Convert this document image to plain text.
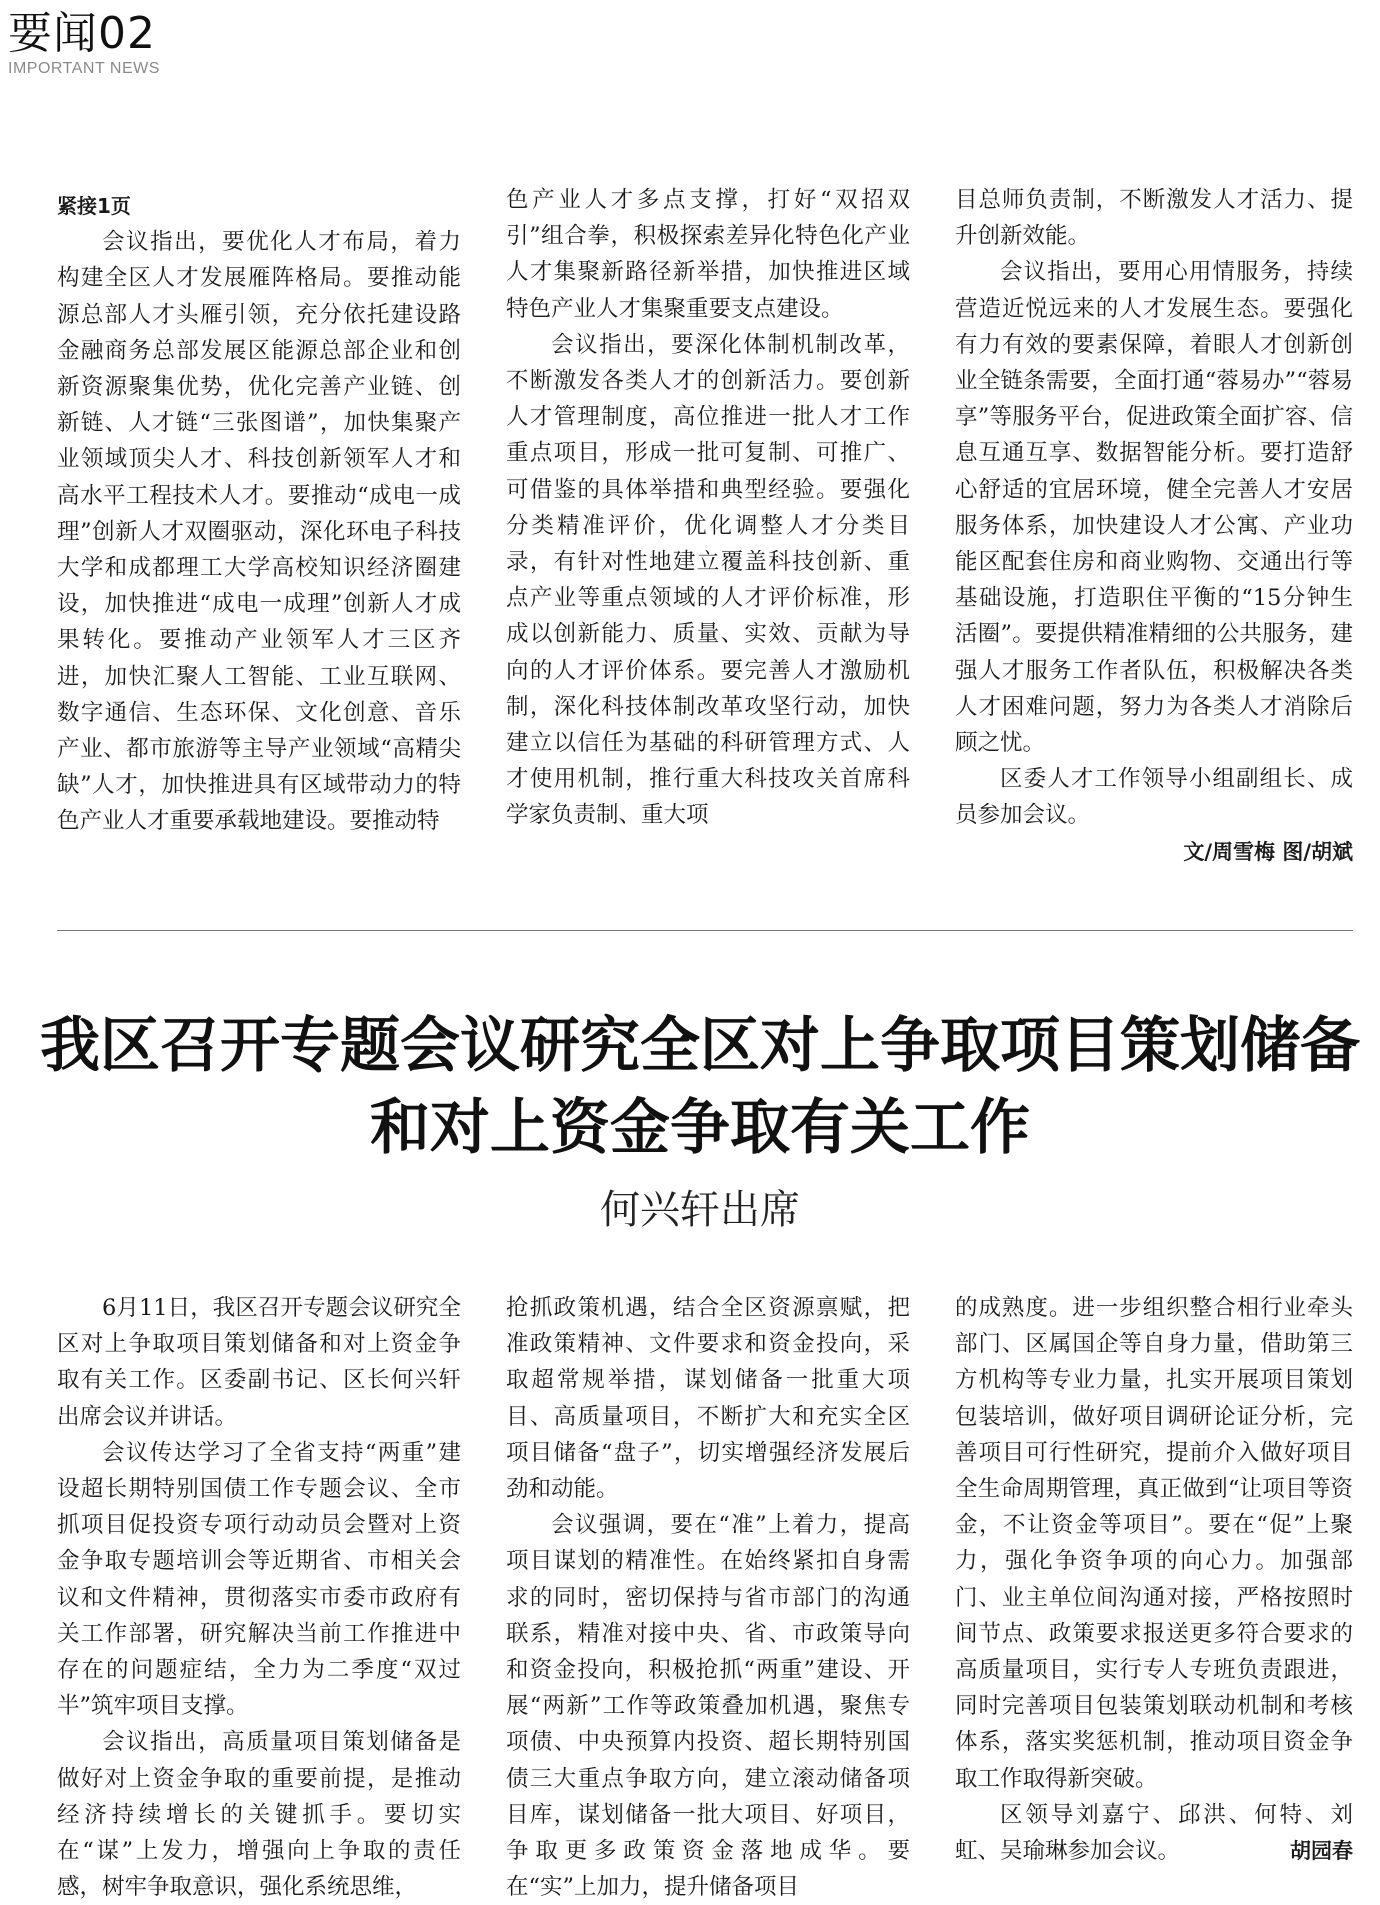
要闻02
IMPORTANT NEWS
紧接1页

会议指出，要优化人才布局，着力构建全区人才发展雁阵格局。要推动能源总部人才头雁引领，充分依托建设路金融商务总部发展区能源总部企业和创新资源聚集优势，优化完善产业链、创新链、人才链“三张图谱”，加快集聚产业领域顶尖人才、科技创新领军人才和高水平工程技术人才。要推动“成电一成理”创新人才双圈驱动，深化环电子科技大学和成都理工大学高校知识经济圈建设，加快推进“成电一成理”创新人才成果转化。要推动产业领军人才三区齐进，加快汇聚人工智能、工业互联网、数字通信、生态环保、文化创意、音乐产业、都市旅游等主导产业领域“高精尖缺”人才，加快推进具有区域带动力的特色产业人才重要承载地建设。要推动特

色产业人才多点支撑，打好“双招双引”组合拳，积极探索差异化特色化产业人才集聚新路径新举措，加快推进区域特色产业人才集聚重要支点建设。

会议指出，要深化体制机制改革，不断激发各类人才的创新活力。要创新人才管理制度，高位推进一批人才工作重点项目，形成一批可复制、可推广、可借鉴的具体举措和典型经验。要强化分类精准评价，优化调整人才分类目录，有针对性地建立覆盖科技创新、重点产业等重点领域的人才评价标准，形成以创新能力、质量、实效、贡献为导向的人才评价体系。要完善人才激励机制，深化科技体制改革攻坚行动，加快建立以信任为基础的科研管理方式、人才使用机制，推行重大科技攻关首席科学家负责制、重大项

目总师负责制，不断激发人才活力、提升创新效能。

会议指出，要用心用情服务，持续营造近悦远来的人才发展生态。要强化有力有效的要素保障，着眼人才创新创业全链条需要，全面打通“蓉易办”“蓉易享”等服务平台，促进政策全面扩容、信息互通互享、数据智能分析。要打造舒心舒适的宜居环境，健全完善人才安居服务体系，加快建设人才公寓、产业功能区配套住房和商业购物、交通出行等基础设施，打造职住平衡的“15分钟生活圈”。要提供精准精细的公共服务，建强人才服务工作者队伍，积极解决各类人才困难问题，努力为各类人才消除后顾之忧。

区委人才工作领导小组副组长、成员参加会议。

文/周雪梅 图/胡斌
我区召开专题会议研究全区对上争取项目策划储备
和对上资金争取有关工作
何兴轩出席

6月11日，我区召开专题会议研究全区对上争取项目策划储备和对上资金争取有关工作。区委副书记、区长何兴轩出席会议并讲话。

会议传达学习了全省支持“两重”建设超长期特别国债工作专题会议、全市抓项目促投资专项行动动员会暨对上资金争取专题培训会等近期省、市相关会议和文件精神，贯彻落实市委市政府有关工作部署，研究解决当前工作推进中存在的问题症结，全力为二季度“双过半”筑牢项目支撑。

会议指出，高质量项目策划储备是做好对上资金争取的重要前提，是推动经济持续增长的关键抓手。要切实在“谋”上发力，增强向上争取的责任感，树牢争取意识，强化系统思维，

抢抓政策机遇，结合全区资源禀赋，把准政策精神、文件要求和资金投向，采取超常规举措，谋划储备一批重大项目、高质量项目，不断扩大和充实全区项目储备“盘子”，切实增强经济发展后劲和动能。

会议强调，要在“准”上着力，提高项目谋划的精准性。在始终紧扣自身需求的同时，密切保持与省市部门的沟通联系，精准对接中央、省、市政策导向和资金投向，积极抢抓“两重”建设、开展“两新”工作等政策叠加机遇，聚焦专项债、中央预算内投资、超长期特别国债三大重点争取方向，建立滚动储备项目库，谋划储备一批大项目、好项目，争取更多政策资金落地成华。要在“实”上加力，提升储备项目

的成熟度。进一步组织整合相行业牵头部门、区属国企等自身力量，借助第三方机构等专业力量，扎实开展项目策划包装培训，做好项目调研论证分析，完善项目可行性研究，提前介入做好项目全生命周期管理，真正做到“让项目等资金，不让资金等项目”。要在“促”上聚力，强化争资争项的向心力。加强部门、业主单位间沟通对接，严格按照时间节点、政策要求报送更多符合要求的高质量项目，实行专人专班负责跟进，同时完善项目包装策划联动机制和考核体系，落实奖惩机制，推动项目资金争取工作取得新突破。

区领导刘嘉宁、邱洪、何特、刘虹、吴瑜琳参加会议。	胡园春
